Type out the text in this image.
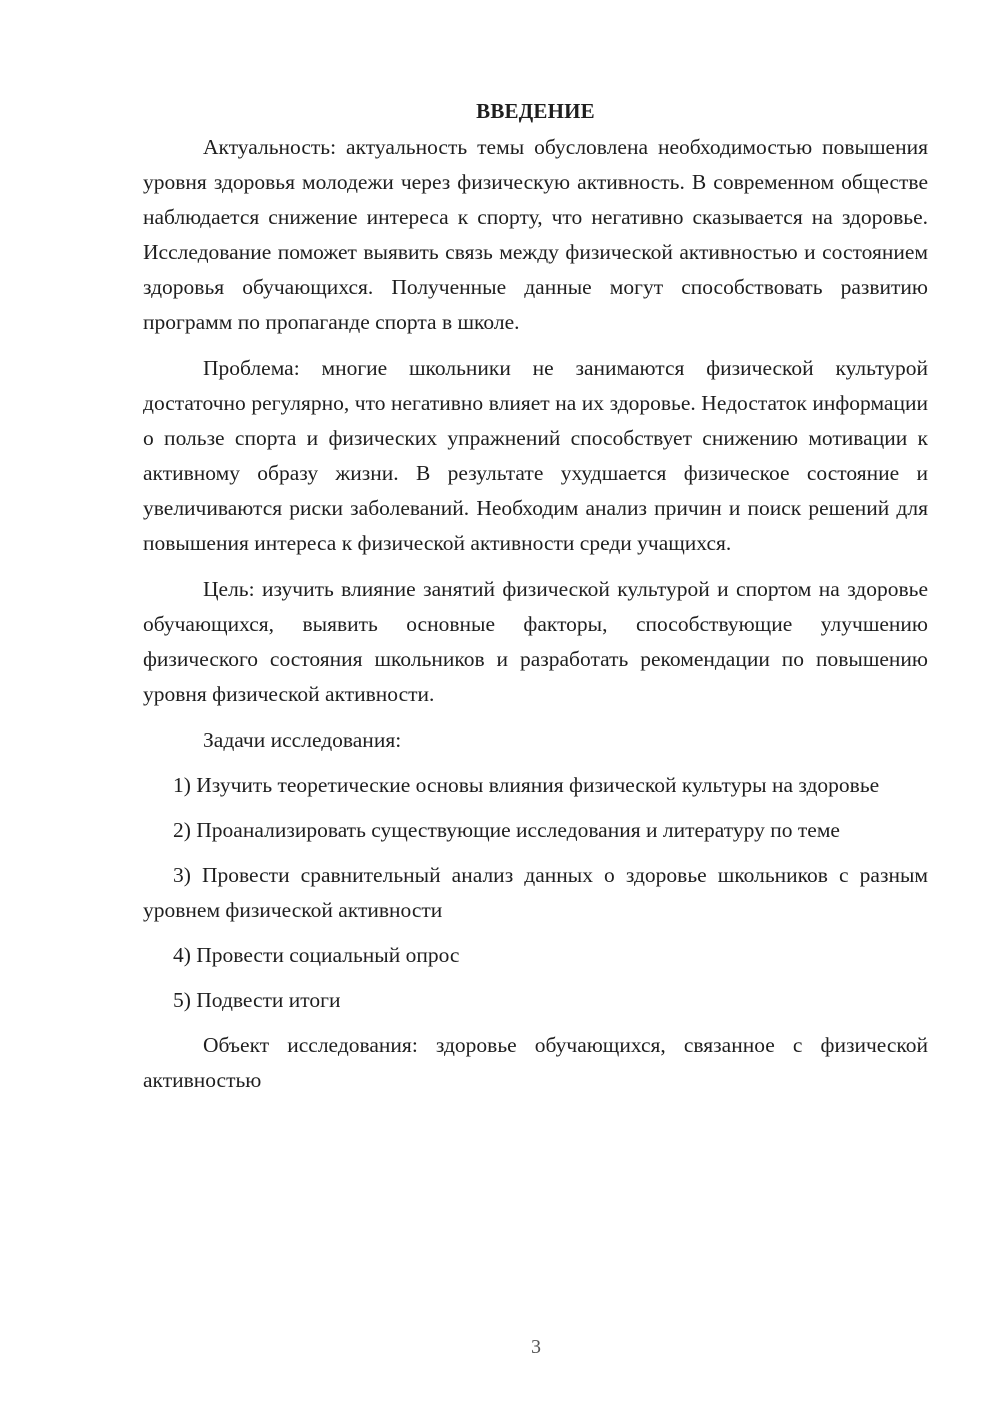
ВВЕДЕНИЕ

Актуальность: актуальность темы обусловлена необходимостью повышения уровня здоровья молодежи через физическую активность. В современном обществе наблюдается снижение интереса к спорту, что негативно сказывается на здоровье. Исследование поможет выявить связь между физической активностью и состоянием здоровья обучающихся. Полученные данные могут способствовать развитию программ по пропаганде спорта в школе.

Проблема: многие школьники не занимаются физической культурой достаточно регулярно, что негативно влияет на их здоровье. Недостаток информации о пользе спорта и физических упражнений способствует снижению мотивации к активному образу жизни. В результате ухудшается физическое состояние и увеличиваются риски заболеваний. Необходим анализ причин и поиск решений для повышения интереса к физической активности среди учащихся.

Цель: изучить влияние занятий физической культурой и спортом на здоровье обучающихся, выявить основные факторы, способствующие улучшению физического состояния школьников и разработать рекомендации по повышению уровня физической активности.

Задачи исследования:

1) Изучить теоретические основы влияния физической культуры на здоровье

2) Проанализировать существующие исследования и литературу по теме

3) Провести сравнительный анализ данных о здоровье школьников с разным уровнем физической активности

4) Провести социальный опрос

5) Подвести итоги

Объект исследования: здоровье обучающихся, связанное с физической активностью

3
